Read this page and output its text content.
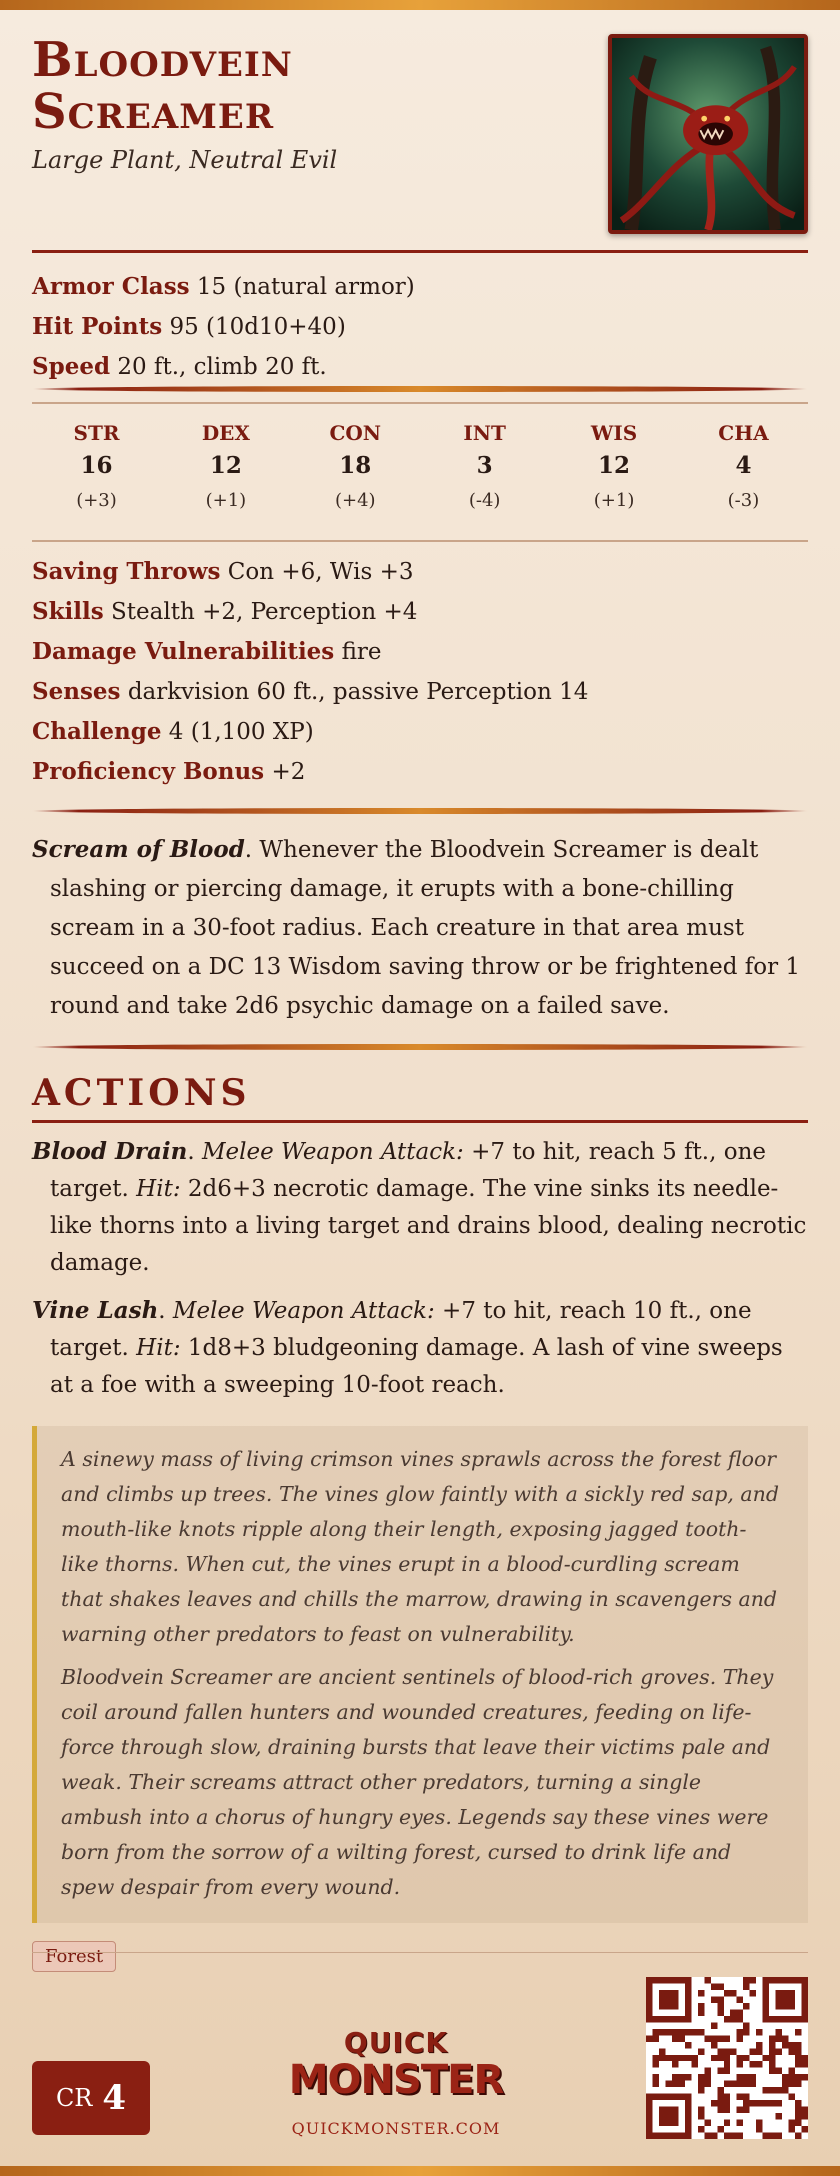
Bloodvein
Screamer
Large Plant, Neutral Evil
Armor Class 15 (natural armor)
Hit Points 95 (10d10+40)
Speed 20 ft., climb 20 ft.
STR
16
(+3)
DEX
12
(+1)
CON
18
(+4)
INT
3
(-4)
WIS
12
(+1)
CHA
4
(-3)
Saving Throws Con +6, Wis +3
Skills Stealth +2, Perception +4
Damage Vulnerabilities fire
Senses darkvision 60 ft., passive Perception 14
Challenge 4 (1,100 XP)
Proficiency Bonus +2
Scream of Blood. Whenever the Bloodvein Screamer is dealt slashing or piercing damage, it erupts with a bone-chilling scream in a 30-foot radius. Each creature in that area must succeed on a DC 13 Wisdom saving throw or be frightened for 1 round and take 2d6 psychic damage on a failed save.
ACTIONS
Blood Drain. Melee Weapon Attack: +7 to hit, reach 5 ft., one target. Hit: 2d6+3 necrotic damage. The vine sinks its needle-like thorns into a living target and drains blood, dealing necrotic damage.
Vine Lash. Melee Weapon Attack: +7 to hit, reach 10 ft., one target. Hit: 1d8+3 bludgeoning damage. A lash of vine sweeps at a foe with a sweeping 10-foot reach.

A sinewy mass of living crimson vines sprawls across the forest floor and climbs up trees. The vines glow faintly with a sickly red sap, and mouth-like knots ripple along their length, exposing jagged tooth-like thorns. When cut, the vines erupt in a blood-curdling scream that shakes leaves and chills the marrow, drawing in scavengers and warning other predators to feast on vulnerability.

Bloodvein Screamer are ancient sentinels of blood-rich groves. They coil around fallen hunters and wounded creatures, feeding on life-force through slow, draining bursts that leave their victims pale and weak. Their screams attract other predators, turning a single ambush into a chorus of hungry eyes. Legends say these vines were born from the sorrow of a wilting forest, cursed to drink life and spew despair from every wound.

Forest
CR 4
QUICK
MONSTER
QUICKMONSTER.COM
